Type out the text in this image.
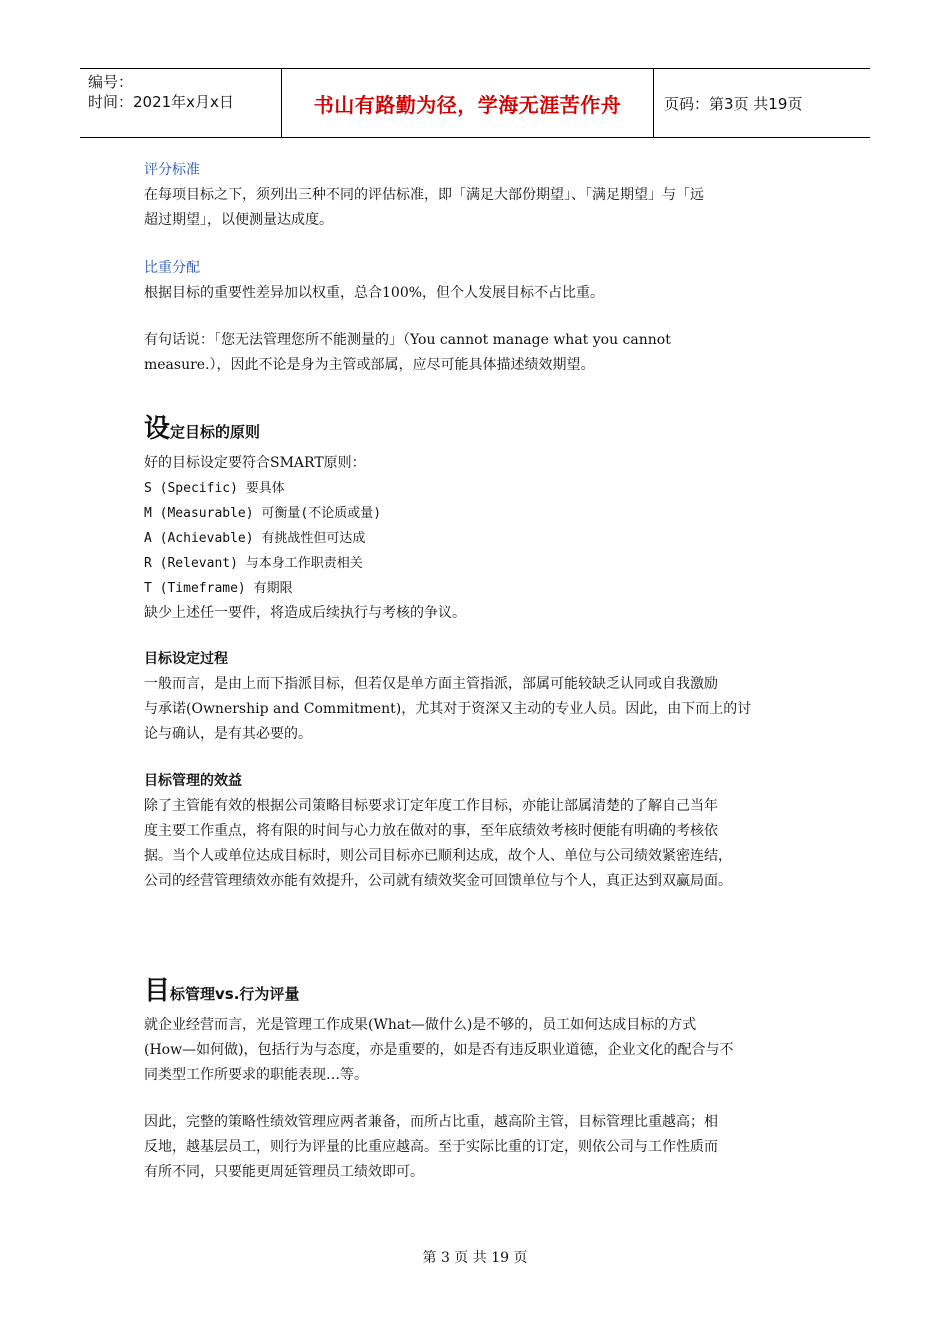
编号：
时间：2021年x月x日	书山有路勤为径，学海无涯苦作舟	页码：第3页 共19页
评分标准
在每项目标之下，须列出三种不同的评估标准，即「满足大部份期望」、「满足期望」与「远
超过期望」，以便测量达成度。
比重分配
根据目标的重要性差异加以权重，总合100%，但个人发展目标不占比重。
有句话说：「您无法管理您所不能测量的」（You cannot manage what you cannot
measure.），因此不论是身为主管或部属，应尽可能具体描述绩效期望。
设定目标的原则
好的目标设定要符合SMART原则：
S (Specific) 要具体
M (Measurable) 可衡量(不论质或量)
A (Achievable) 有挑战性但可达成
R (Relevant) 与本身工作职责相关
T (Timeframe) 有期限
缺少上述任一要件，将造成后续执行与考核的争议。
目标设定过程
一般而言，是由上而下指派目标，但若仅是单方面主管指派，部属可能较缺乏认同或自我激励
与承诺(Ownership and Commitment)，尤其对于资深又主动的专业人员。因此，由下而上的讨
论与确认，是有其必要的。
目标管理的效益
除了主管能有效的根据公司策略目标要求订定年度工作目标，亦能让部属清楚的了解自己当年
度主要工作重点，将有限的时间与心力放在做对的事，至年底绩效考核时便能有明确的考核依
据。当个人或单位达成目标时，则公司目标亦已顺利达成，故个人、单位与公司绩效紧密连结，
公司的经营管理绩效亦能有效提升，公司就有绩效奖金可回馈单位与个人，真正达到双赢局面。
目标管理vs.行为评量
就企业经营而言，光是管理工作成果(What—做什么)是不够的，员工如何达成目标的方式
(How—如何做)，包括行为与态度，亦是重要的，如是否有违反职业道德，企业文化的配合与不
同类型工作所要求的职能表现…等。
因此，完整的策略性绩效管理应两者兼备，而所占比重，越高阶主管，目标管理比重越高；相
反地，越基层员工，则行为评量的比重应越高。至于实际比重的订定，则依公司与工作性质而
有所不同，只要能更周延管理员工绩效即可。
第 3 页 共 19 页
